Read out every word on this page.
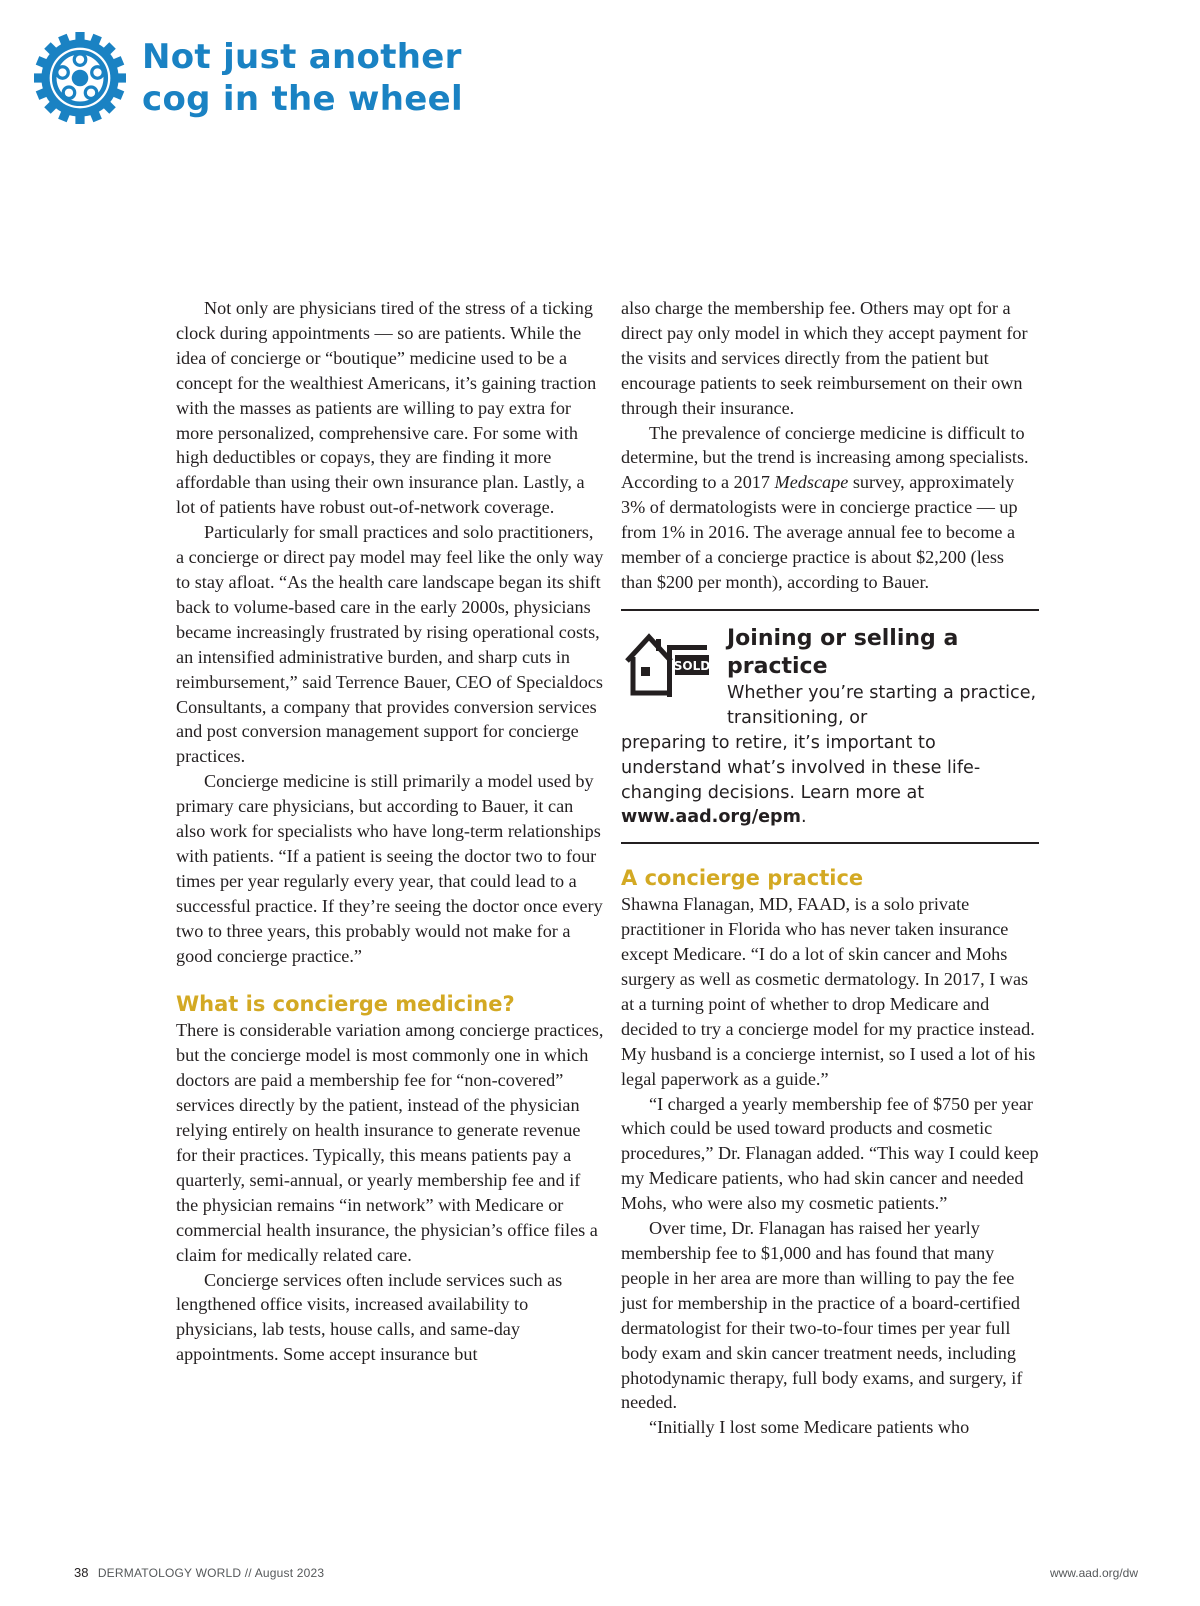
Not just another
cog in the wheel

Not only are physicians tired of the stress of a ticking clock during appointments — so are patients. While the idea of concierge or “boutique” medicine used to be a concept for the wealthiest Americans, it’s gaining traction with the masses as patients are willing to pay extra for more personalized, comprehensive care. For some with high deductibles or copays, they are finding it more affordable than using their own insurance plan. Lastly, a lot of patients have robust out-of-network coverage.

Particularly for small practices and solo practitioners, a concierge or direct pay model may feel like the only way to stay afloat. “As the health care landscape began its shift back to volume-based care in the early 2000s, physicians became increasingly frustrated by rising operational costs, an intensified administrative burden, and sharp cuts in reimbursement,” said Terrence Bauer, CEO of Specialdocs Consultants, a company that provides conversion services and post conversion management support for concierge practices.

Concierge medicine is still primarily a model used by primary care physicians, but according to Bauer, it can also work for specialists who have long-term relationships with patients. “If a patient is seeing the doctor two to four times per year regularly every year, that could lead to a successful practice. If they’re seeing the doctor once every two to three years, this probably would not make for a good concierge practice.”

What is concierge medicine?

There is considerable variation among concierge practices, but the concierge model is most commonly one in which doctors are paid a membership fee for “non-covered” services directly by the patient, instead of the physician relying entirely on health insurance to generate revenue for their practices. Typically, this means patients pay a quarterly, semi-annual, or yearly membership fee and if the physician remains “in network” with Medicare or commercial health insurance, the physician’s office files a claim for medically related care.

Concierge services often include services such as lengthened office visits, increased availability to physicians, lab tests, house calls, and same-day appointments. Some accept insurance but

also charge the membership fee. Others may opt for a direct pay only model in which they accept payment for the visits and services directly from the patient but encourage patients to seek reimbursement on their own through their insurance.

The prevalence of concierge medicine is difficult to determine, but the trend is increasing among specialists. According to a 2017 Medscape survey, approximately 3% of dermatologists were in concierge practice — up from 1% in 2016. The average annual fee to become a member of a concierge practice is about $2,200 (less than $200 per month), according to Bauer.

SOLD
Joining or selling a practice

Whether you’re starting a practice, transitioning, or

preparing to retire, it’s important to understand what’s involved in these life-changing decisions. Learn more at www.aad.org/epm.

A concierge practice

Shawna Flanagan, MD, FAAD, is a solo private practitioner in Florida who has never taken insurance except Medicare. “I do a lot of skin cancer and Mohs surgery as well as cosmetic dermatology. In 2017, I was at a turning point of whether to drop Medicare and decided to try a concierge model for my practice instead. My husband is a concierge internist, so I used a lot of his legal paperwork as a guide.”

“I charged a yearly membership fee of $750 per year which could be used toward products and cosmetic procedures,” Dr. Flanagan added. “This way I could keep my Medicare patients, who had skin cancer and needed Mohs, who were also my cosmetic patients.”

Over time, Dr. Flanagan has raised her yearly membership fee to $1,000 and has found that many people in her area are more than willing to pay the fee just for membership in the practice of a board-certified dermatologist for their two-to-four times per year full body exam and skin cancer treatment needs, including photodynamic therapy, full body exams, and surgery, if needed.

“Initially I lost some Medicare patients who

38 DERMATOLOGY WORLD // August 2023	www.aad.org/dw
